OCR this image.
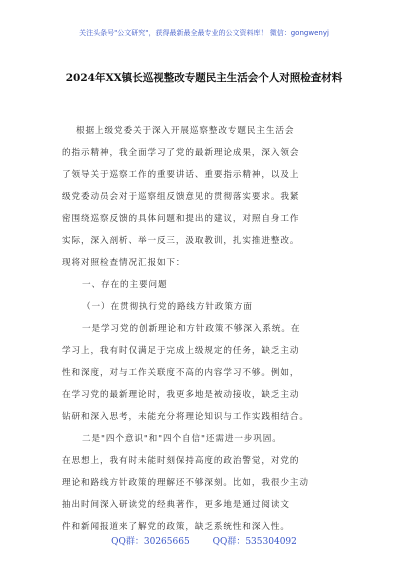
关注头条号"公文研究"，获得最新最全最专业的公文资料库！ 微信：gongwenyj
2024年XX镇长巡视整改专题民主生活会个人对照检查材料
根据上级党委关于深入开展巡察整改专题民主生活会
的指示精神，我全面学习了党的最新理论成果，深入领会
了领导关于巡察工作的重要讲话、重要指示精神，以及上
级党委动员会对于巡察组反馈意见的贯彻落实要求。我紧
密围绕巡察反馈的具体问题和提出的建议，对照自身工作
实际，深入剖析、举一反三，汲取教训，扎实推进整改。
现将对照检查情况汇报如下：
一、存在的主要问题
（一）在贯彻执行党的路线方针政策方面
一是学习党的创新理论和方针政策不够深入系统。在
学习上，我有时仅满足于完成上级规定的任务，缺乏主动
性和深度，对与工作关联度不高的内容学习不够。例如，
在学习党的最新理论时，我更多地是被动接收，缺乏主动
钻研和深入思考，未能充分将理论知识与工作实践相结合。
二是"四个意识"和"四个自信"还需进一步巩固。
在思想上，我有时未能时刻保持高度的政治警觉，对党的
理论和路线方针政策的理解还不够深刻。比如，我很少主动
抽出时间深入研读党的经典著作，更多地是通过阅读文
件和新闻报道来了解党的政策，缺乏系统性和深入性。
QQ群：30265665	QQ群：535304092
